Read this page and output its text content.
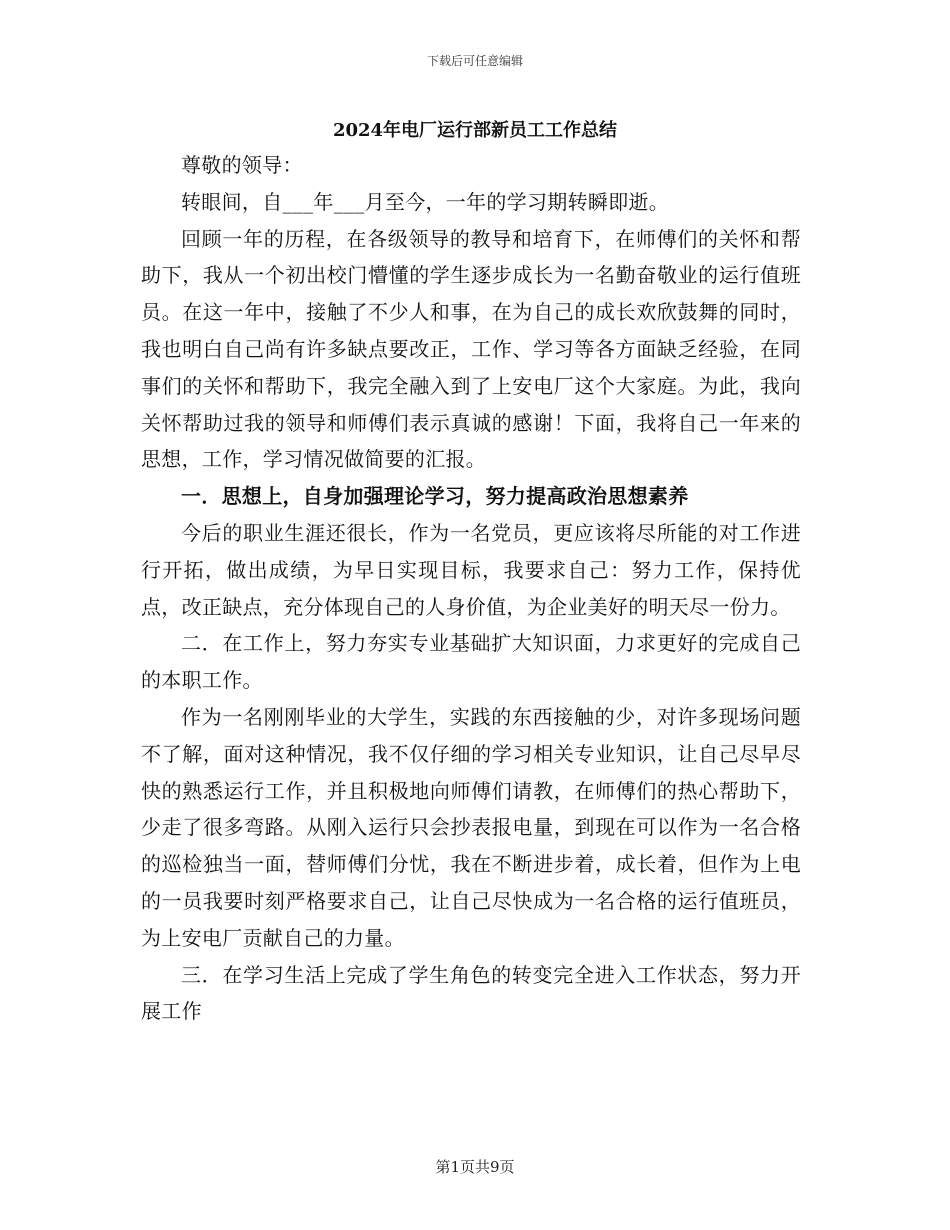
下载后可任意编辑
2024年电厂运行部新员工工作总结

尊敬的领导：

转眼间，自___年___月至今，一年的学习期转瞬即逝。

回顾一年的历程，在各级领导的教导和培育下，在师傅们的关怀和帮助下，我从一个初出校门懵懂的学生逐步成长为一名勤奋敬业的运行值班员。在这一年中，接触了不少人和事，在为自己的成长欢欣鼓舞的同时，我也明白自己尚有许多缺点要改正，工作、学习等各方面缺乏经验，在同事们的关怀和帮助下，我完全融入到了上安电厂这个大家庭。为此，我向关怀帮助过我的领导和师傅们表示真诚的感谢！下面，我将自己一年来的思想，工作，学习情况做简要的汇报。

一．思想上，自身加强理论学习，努力提高政治思想素养

今后的职业生涯还很长，作为一名党员，更应该将尽所能的对工作进行开拓，做出成绩，为早日实现目标，我要求自己：努力工作，保持优点，改正缺点，充分体现自己的人身价值，为企业美好的明天尽一份力。

二．在工作上，努力夯实专业基础扩大知识面，力求更好的完成自己的本职工作。

作为一名刚刚毕业的大学生，实践的东西接触的少，对许多现场问题不了解，面对这种情况，我不仅仔细的学习相关专业知识，让自己尽早尽快的熟悉运行工作，并且积极地向师傅们请教，在师傅们的热心帮助下，少走了很多弯路。从刚入运行只会抄表报电量，到现在可以作为一名合格的巡检独当一面，替师傅们分忧，我在不断进步着，成长着，但作为上电的一员我要时刻严格要求自己，让自己尽快成为一名合格的运行值班员，为上安电厂贡献自己的力量。

三．在学习生活上完成了学生角色的转变完全进入工作状态，努力开展工作

第1页共9页
